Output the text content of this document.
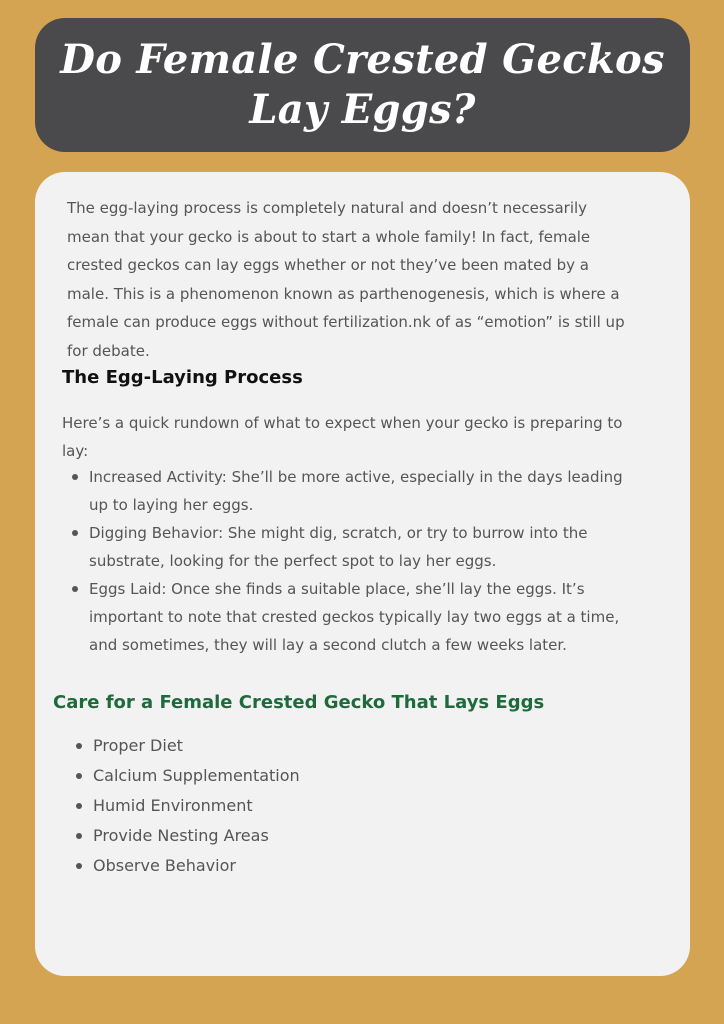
Do Female Crested Geckos Lay Eggs?

The egg-laying process is completely natural and doesn’t necessarily mean that your gecko is about to start a whole family! In fact, female crested geckos can lay eggs whether or not they’ve been mated by a male. This is a phenomenon known as parthenogenesis, which is where a female can produce eggs without fertilization.nk of as “emotion” is still up for debate.

The Egg-Laying Process

Here’s a quick rundown of what to expect when your gecko is preparing to lay:

Increased Activity: She’ll be more active, especially in the days leading up to laying her eggs.
Digging Behavior: She might dig, scratch, or try to burrow into the substrate, looking for the perfect spot to lay her eggs.
Eggs Laid: Once she finds a suitable place, she’ll lay the eggs. It’s important to note that crested geckos typically lay two eggs at a time, and sometimes, they will lay a second clutch a few weeks later.
Care for a Female Crested Gecko That Lays Eggs
Proper Diet
Calcium Supplementation
Humid Environment
Provide Nesting Areas
Observe Behavior
